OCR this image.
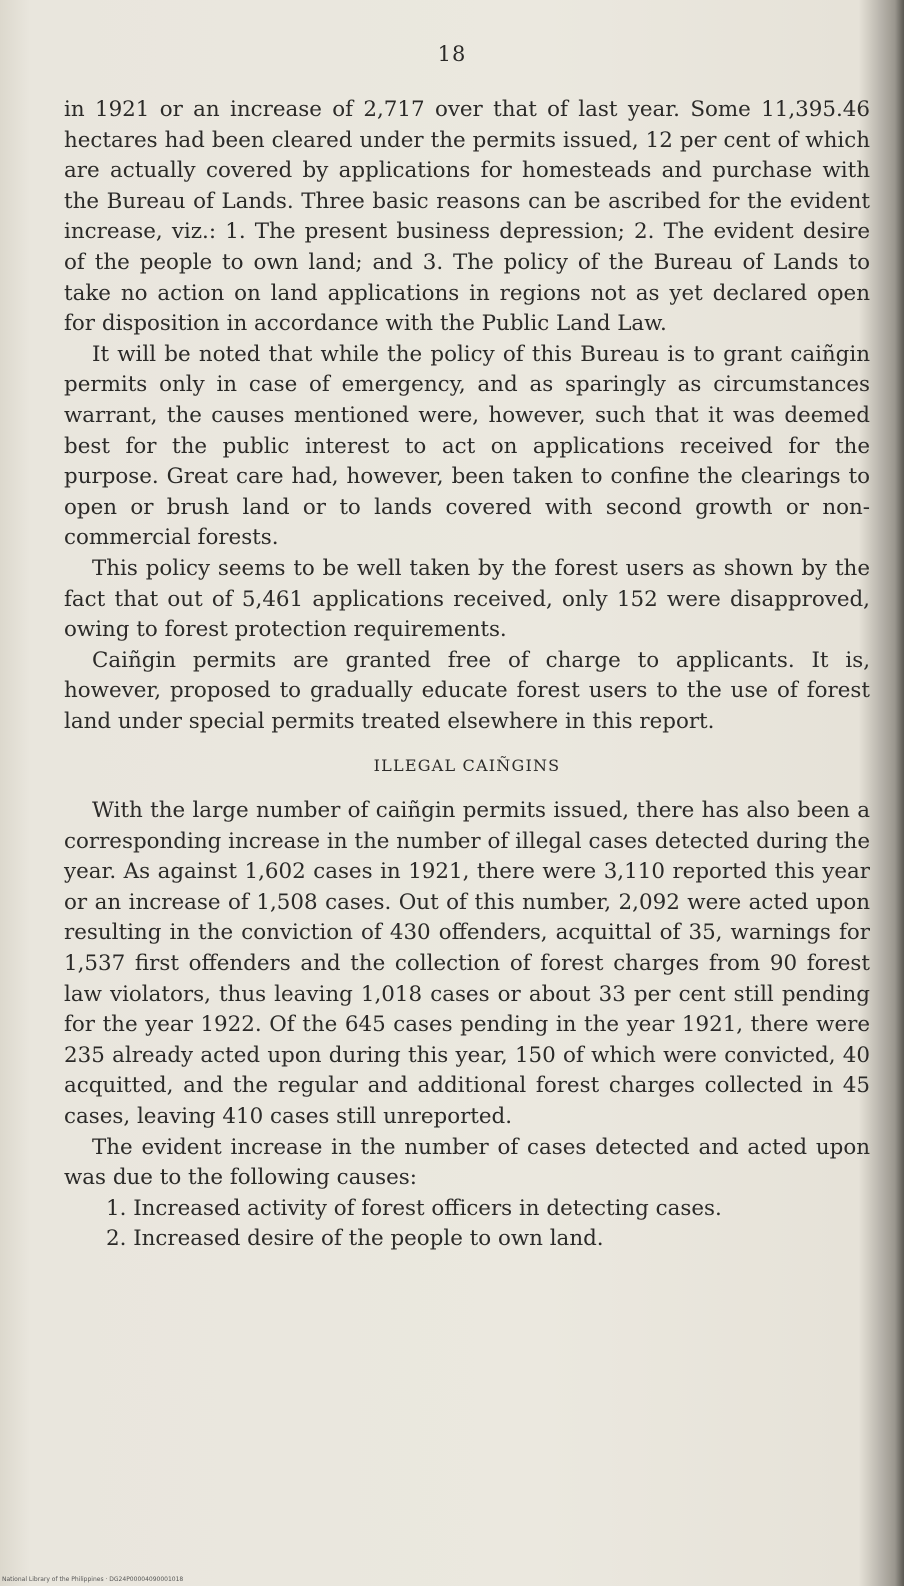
18

in 1921 or an increase of 2,717 over that of last year. Some 11,395.46 hectares had been cleared under the permits issued, 12 per cent of which are actually covered by applications for homesteads and purchase with the Bureau of Lands. Three basic reasons can be ascribed for the evident increase, viz.: 1. The present business depression; 2. The evident desire of the people to own land; and 3. The policy of the Bureau of Lands to take no action on land applications in regions not as yet declared open for disposition in accordance with the Public Land Law.

It will be noted that while the policy of this Bureau is to grant caiñgin permits only in case of emergency, and as sparingly as circumstances warrant, the causes mentioned were, however, such that it was deemed best for the public interest to act on applications received for the purpose. Great care had, however, been taken to confine the clearings to open or brush land or to lands covered with second growth or non-commercial forests.

This policy seems to be well taken by the forest users as shown by the fact that out of 5,461 applications received, only 152 were disapproved, owing to forest protection requirements.

Caiñgin permits are granted free of charge to applicants. It is, however, proposed to gradually educate forest users to the use of forest land under special permits treated elsewhere in this report.

ILLEGAL CAIÑGINS

With the large number of caiñgin permits issued, there has also been a corresponding increase in the number of illegal cases detected during the year. As against 1,602 cases in 1921, there were 3,110 reported this year or an increase of 1,508 cases. Out of this number, 2,092 were acted upon resulting in the conviction of 430 offenders, acquittal of 35, warnings for 1,537 first offenders and the collection of forest charges from 90 forest law violators, thus leaving 1,018 cases or about 33 per cent still pending for the year 1922. Of the 645 cases pending in the year 1921, there were 235 already acted upon during this year, 150 of which were convicted, 40 acquitted, and the regular and additional forest charges collected in 45 cases, leaving 410 cases still unreported.

The evident increase in the number of cases detected and acted upon was due to the following causes:

1. Increased activity of forest officers in detecting cases.

2. Increased desire of the people to own land.

National Library of the Philippines · DG24P00004090001018
